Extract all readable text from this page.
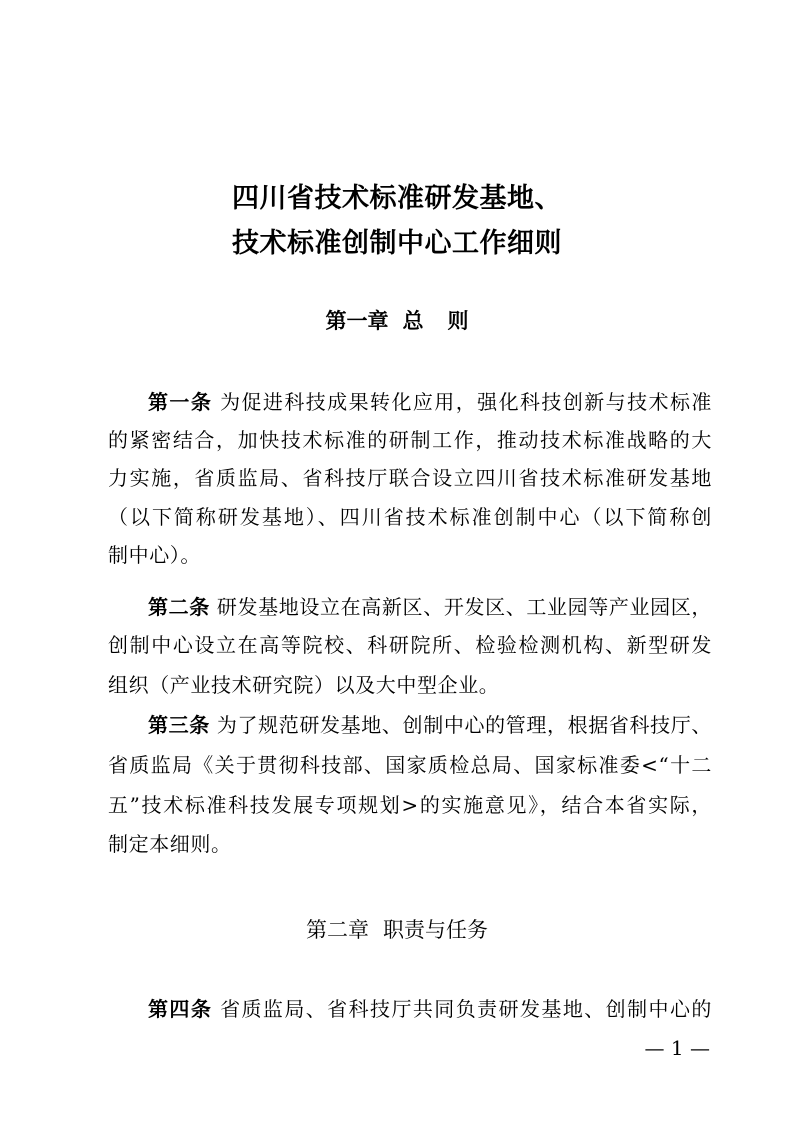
四川省技术标准研发基地、
技术标准创制中心工作细则
第一章 总 则
第一条 为促进科技成果转化应用，强化科技创新与技术标准
的紧密结合，加快技术标准的研制工作，推动技术标准战略的大
力实施，省质监局、省科技厅联合设立四川省技术标准研发基地
（以下简称研发基地）、四川省技术标准创制中心（以下简称创
制中心）。
第二条 研发基地设立在高新区、开发区、工业园等产业园区，
创制中心设立在高等院校、科研院所、检验检测机构、新型研发
组织（产业技术研究院）以及大中型企业。
第三条 为了规范研发基地、创制中心的管理，根据省科技厅、
省质监局《关于贯彻科技部、国家质检总局、国家标准委<“十二
五”技术标准科技发展专项规划>的实施意见》，结合本省实际，
制定本细则。
第二章 职责与任务
第四条 省质监局、省科技厅共同负责研发基地、创制中心的
— 1 —
